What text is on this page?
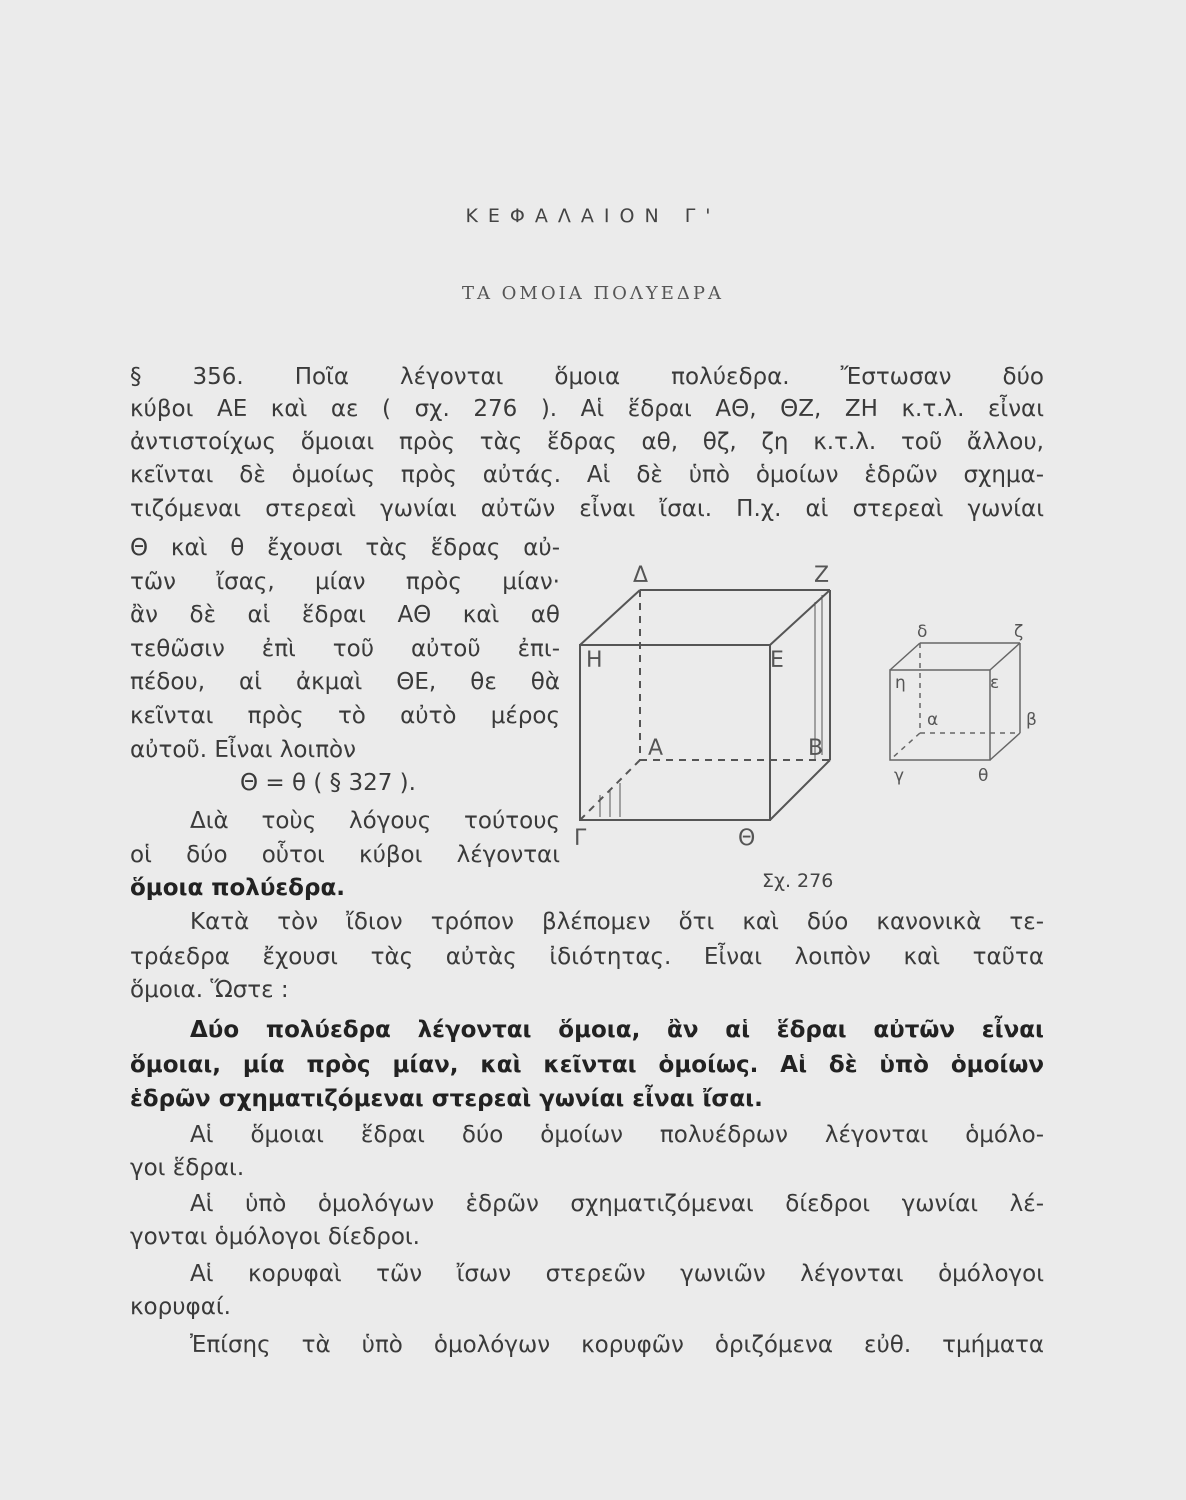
ΚΕΦΑΛΑΙΟΝ Γ'
ΤΑ ΟΜΟΙΑ ΠΟΛΥΕΔΡΑ
§ 356. Ποῖα λέγονται ὅμοια πολύεδρα. Ἔστωσαν δύο
κύβοι ΑΕ καὶ αε ( σχ. 276 ). Αἱ ἕδραι ΑΘ, ΘΖ, ΖΗ κ.τ.λ. εἶναι
ἀντιστοίχως ὅμοιαι πρὸς τὰς ἕδρας αθ, θζ, ζη κ.τ.λ. τοῦ ἄλλου,
κεῖνται δὲ ὁμοίως πρὸς αὐτάς. Αἱ δὲ ὑπὸ ὁμοίων ἑδρῶν σχημα-
τιζόμεναι στερεαὶ γωνίαι αὐτῶν εἶναι ἴσαι. Π.χ. αἱ στερεαὶ γωνίαι
Θ καὶ θ ἔχουσι τὰς ἕδρας αὐ-
τῶν ἴσας, μίαν πρὸς μίαν·
ἂν δὲ αἱ ἕδραι ΑΘ καὶ αθ
τεθῶσιν ἐπὶ τοῦ αὐτοῦ ἐπι-
πέδου, αἱ ἀκμαὶ ΘΕ, θε θὰ
κεῖνται πρὸς τὸ αὐτὸ μέρος
αὐτοῦ. Εἶναι λοιπὸν
Θ = θ ( § 327 ).
Διὰ τοὺς λόγους τούτους
οἱ δύο οὗτοι κύβοι λέγονται
ὅμοια πολύεδρα.
Δ	Ζ
Η	Ε
Α	Β
Γ	Θ
δ	ζ
η	ε
α	β
γ	θ
Σχ. 276
Κατὰ τὸν ἴδιον τρόπον βλέπομεν ὅτι καὶ δύο κανονικὰ τε-
τράεδρα ἔχουσι τὰς αὐτὰς ἰδιότητας. Εἶναι λοιπὸν καὶ ταῦτα
ὅμοια. Ὥστε :
Δύο πολύεδρα λέγονται ὅμοια, ἂν αἱ ἕδραι αὐτῶν εἶναι
ὅμοιαι, μία πρὸς μίαν, καὶ κεῖνται ὁμοίως. Αἱ δὲ ὑπὸ ὁμοίων
ἑδρῶν σχηματιζόμεναι στερεαὶ γωνίαι εἶναι ἴσαι.
Αἱ ὅμοιαι ἕδραι δύο ὁμοίων πολυέδρων λέγονται ὁμόλο-
γοι ἕδραι.
Αἱ ὑπὸ ὁμολόγων ἑδρῶν σχηματιζόμεναι δίεδροι γωνίαι λέ-
γονται ὁμόλογοι δίεδροι.
Αἱ κορυφαὶ τῶν ἴσων στερεῶν γωνιῶν λέγονται ὁμόλογοι
κορυφαί.
Ἐπίσης τὰ ὑπὸ ὁμολόγων κορυφῶν ὁριζόμενα εὐθ. τμήματα
